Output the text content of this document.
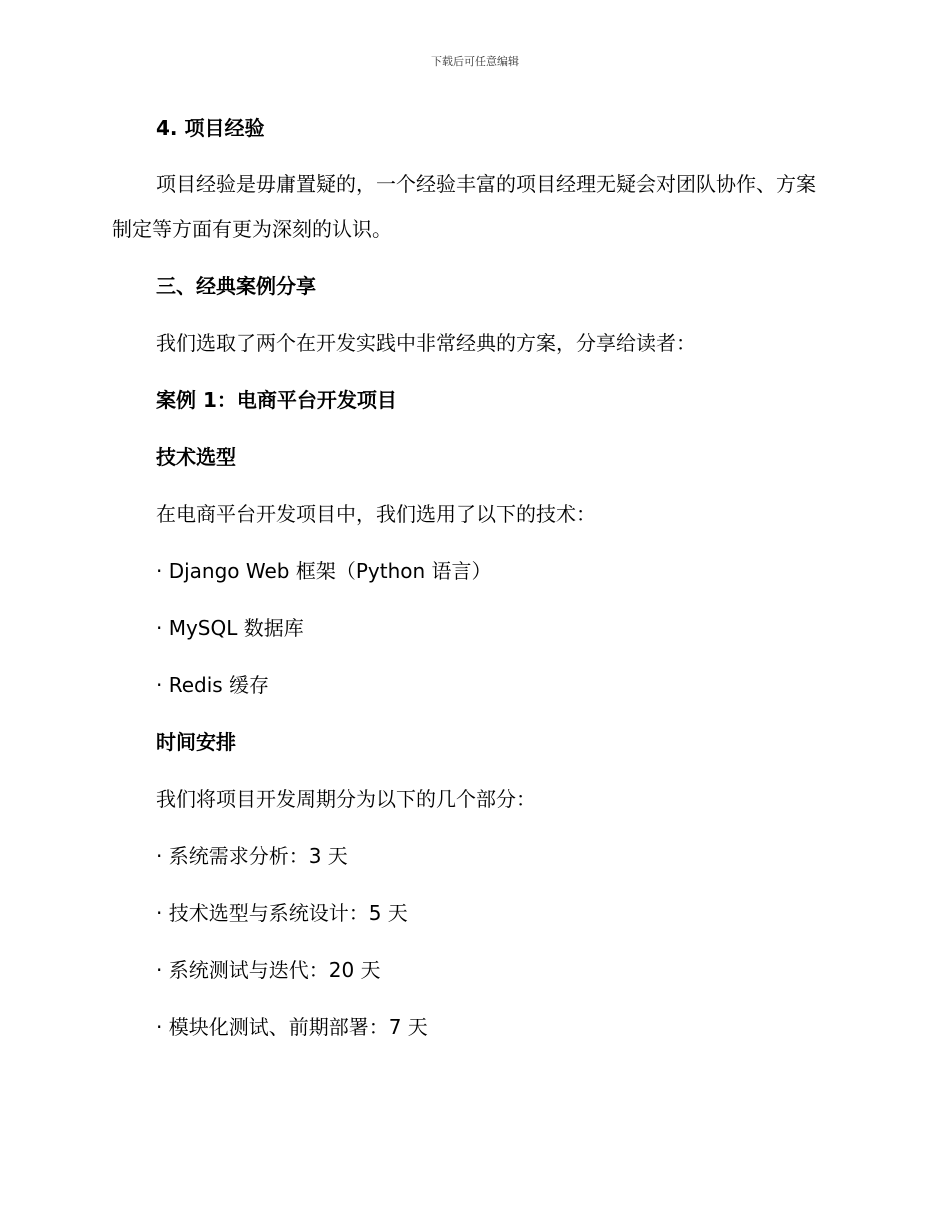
下载后可任意编辑
4. 项目经验
项目经验是毋庸置疑的，一个经验丰富的项目经理无疑会对团队协作、方案制定等方面有更为深刻的认识。
三、经典案例分享
我们选取了两个在开发实践中非常经典的方案，分享给读者：
案例 1：电商平台开发项目
技术选型
在电商平台开发项目中，我们选用了以下的技术：
· Django Web 框架（Python 语言）
· MySQL 数据库
· Redis 缓存
时间安排
我们将项目开发周期分为以下的几个部分：
· 系统需求分析：3 天
· 技术选型与系统设计：5 天
· 系统测试与迭代：20 天
· 模块化测试、前期部署：7 天
